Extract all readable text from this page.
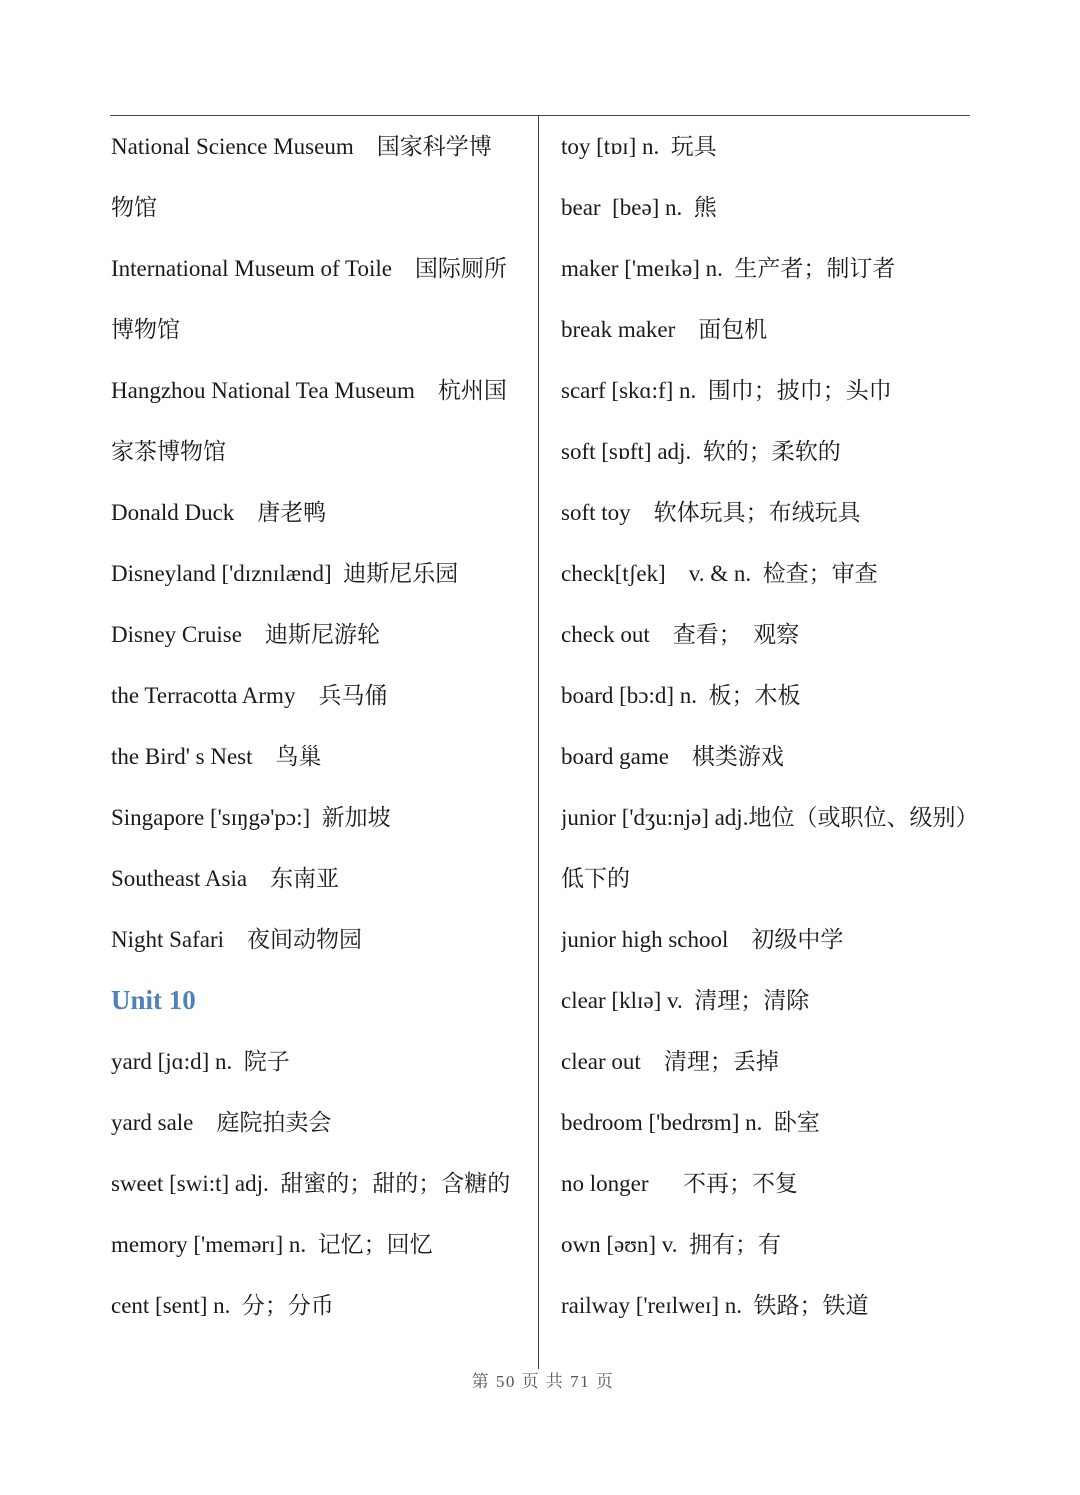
National Science Museum    国家科学博
物馆
International Museum of Toile    国际厕所
博物馆
Hangzhou National Tea Museum    杭州国
家茶博物馆
Donald Duck    唐老鸭
Disneyland ['dɪznɪlænd]  迪斯尼乐园
Disney Cruise    迪斯尼游轮
the Terracotta Army    兵马俑
the Bird' s Nest    鸟巢
Singapore ['sɪŋgə'pɔ:]  新加坡
Southeast Asia    东南亚
Night Safari    夜间动物园
Unit 10
yard [jɑ:d] n.  院子
yard sale    庭院拍卖会
sweet [swi:t] adj.  甜蜜的；甜的；含糖的
memory ['memərɪ] n.  记忆；回忆
cent [sent] n.  分；分币
toy [tɒɪ] n.  玩具
bear  [beə] n.  熊
maker ['meɪkə] n.  生产者；制订者
break maker    面包机
scarf [skɑ:f] n.  围巾；披巾；头巾
soft [sɒft] adj.  软的；柔软的
soft toy    软体玩具；布绒玩具
check[tʃek]    v. & n.  检查；审查
check out    查看；  观察
board [bɔ:d] n.  板；木板
board game    棋类游戏
junior ['dʒu:njə] adj.地位（或职位、级别）
低下的
junior high school    初级中学
clear [klɪə] v.  清理；清除
clear out    清理；丢掉
bedroom ['bedrʊm] n.  卧室
no longer      不再；不复
own [əʊn] v.  拥有；有
railway ['reɪlweɪ] n.  铁路；铁道
第 50 页 共 71 页
